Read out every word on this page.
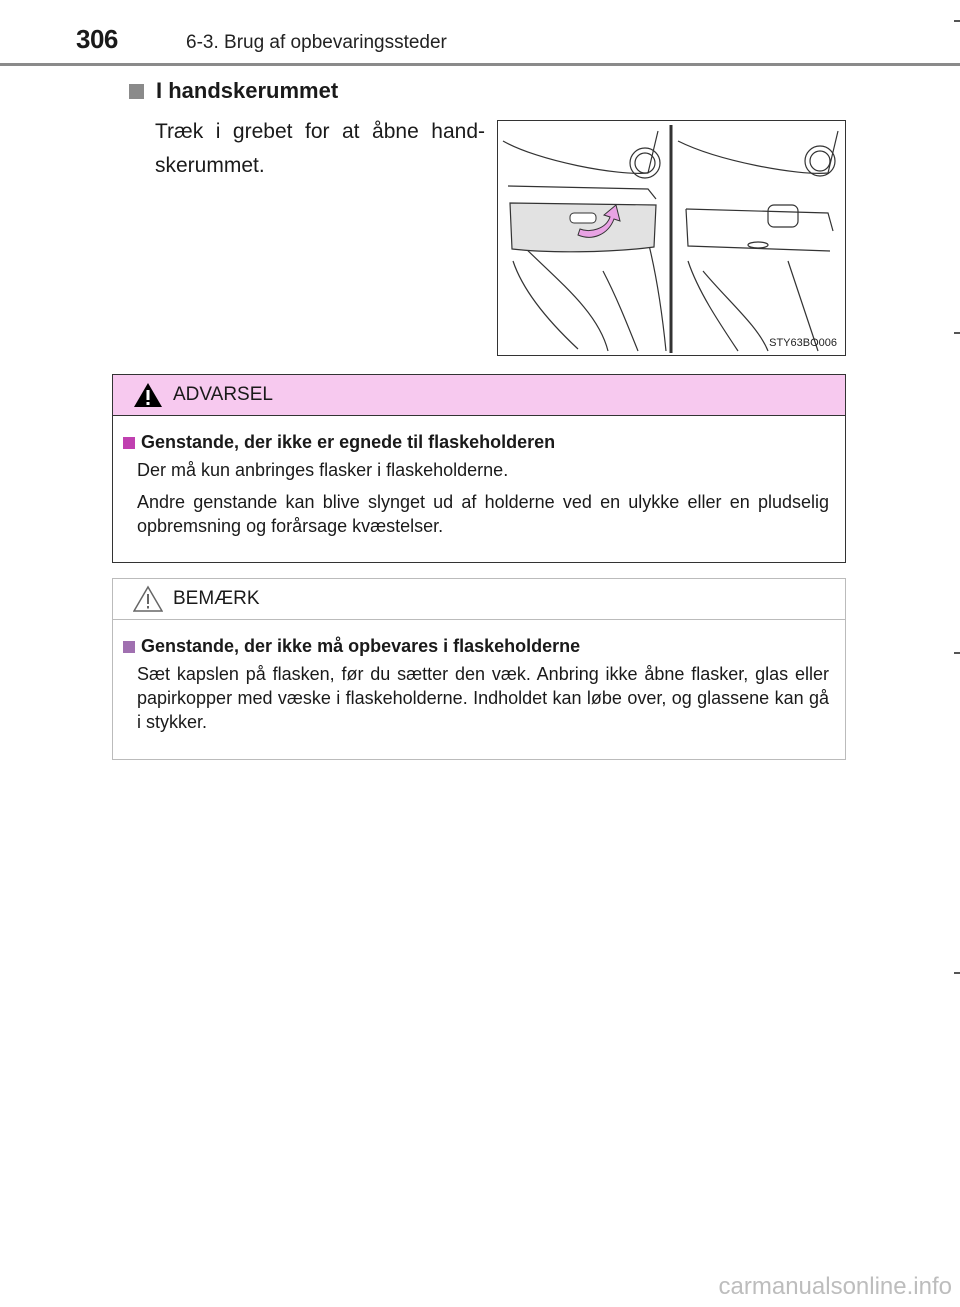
306	6-3. Brug af opbevaringssteder
I handskerummet
Træk i grebet for at åbne hand-skerummet.
STY63BO006
ADVARSEL
Genstande, der ikke er egnede til flaskeholderen
Der må kun anbringes flasker i flaskeholderne.
Andre genstande kan blive slynget ud af holderne ved en ulykke eller en pludselig opbremsning og forårsage kvæstelser.
BEMÆRK
Genstande, der ikke må opbevares i flaskeholderne
Sæt kapslen på flasken, før du sætter den væk. Anbring ikke åbne flasker, glas eller papirkopper med væske i flaskeholderne. Indholdet kan løbe over, og glassene kan gå i stykker.
carmanualsonline.info
